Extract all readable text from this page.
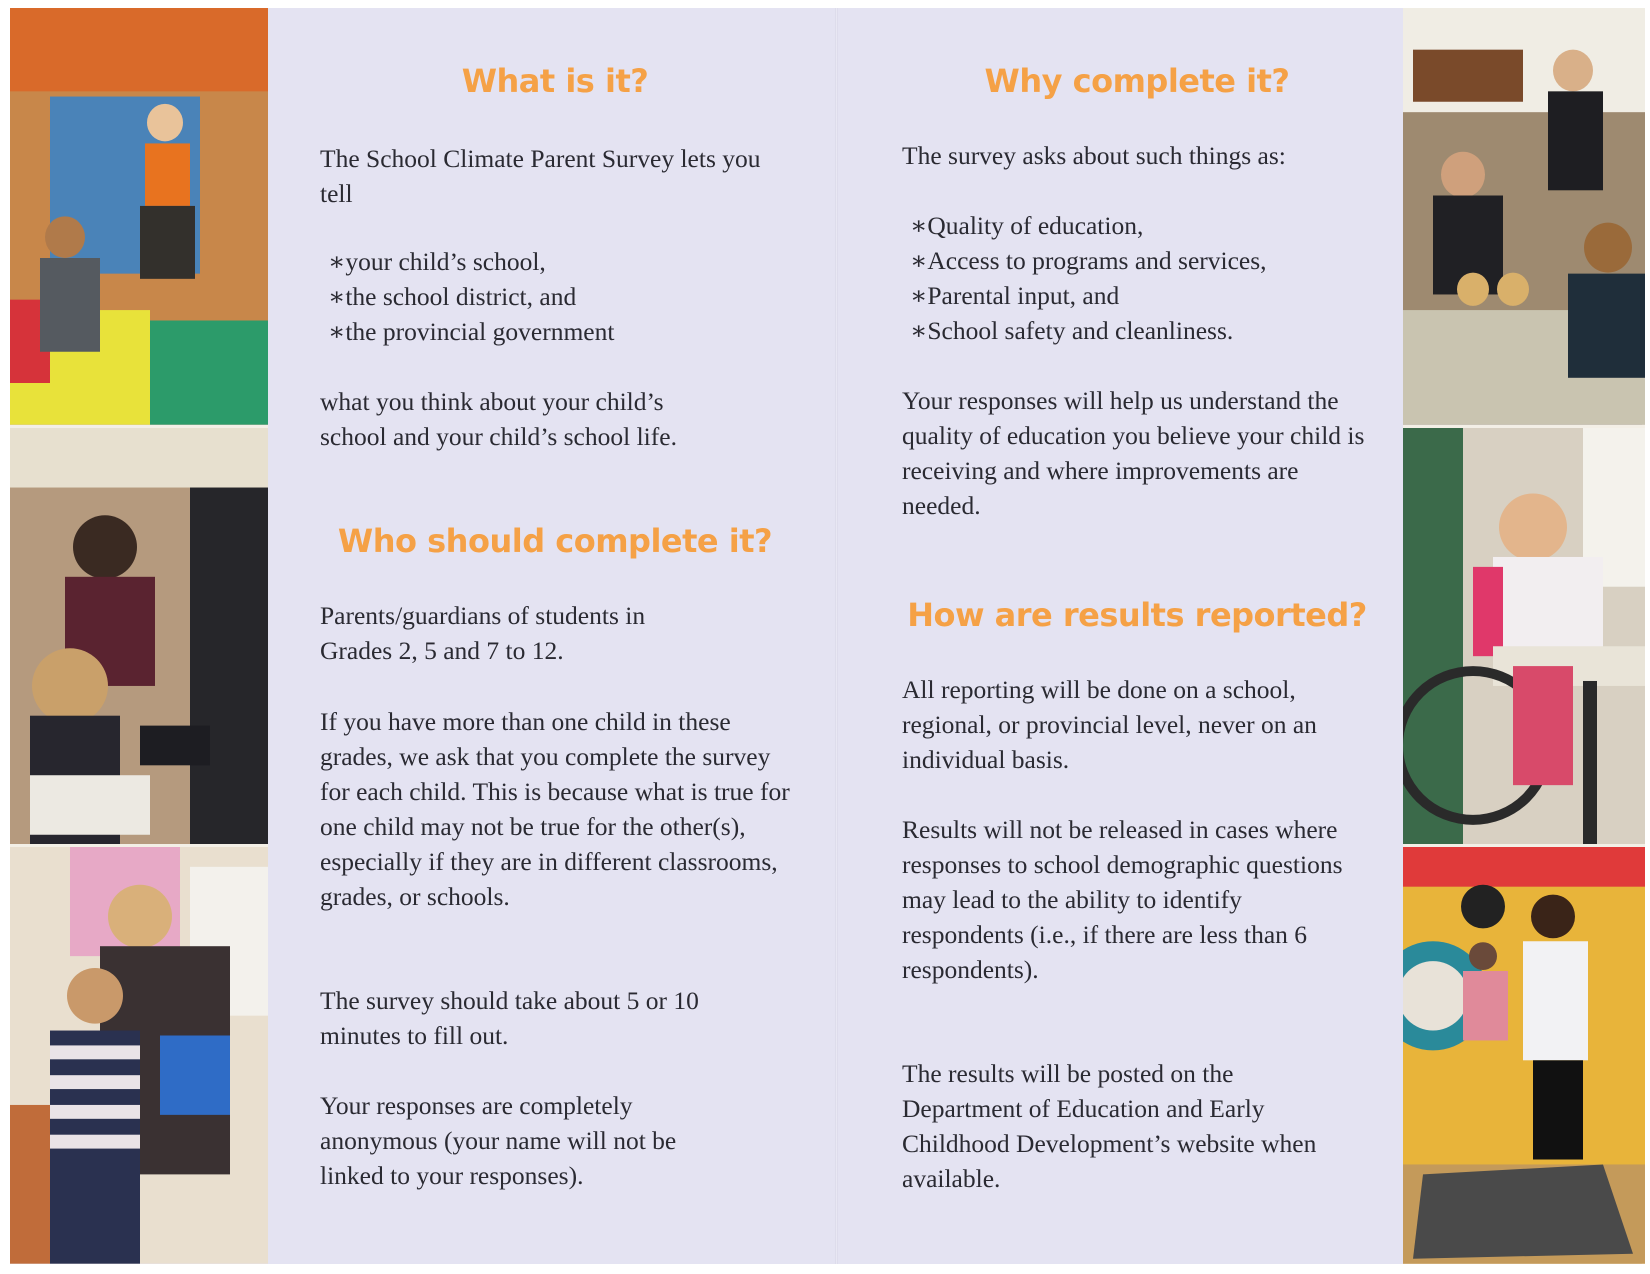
What is it?

The School Climate Parent Survey lets you tell

∗ your child’s school,
∗ the school district, and
∗ the provincial government

what you think about your child’s school and your child’s school life.

Who should complete it?

Parents/guardians of students in Grades 2, 5 and 7 to 12.

If you have more than one child in these grades, we ask that you complete the survey for each child. This is because what is true for one child may not be true for the other(s), especially if they are in different classrooms, grades, or schools.

The survey should take about 5 or 10 minutes to fill out.

Your responses are completely anonymous (your name will not be linked to your responses).

Why complete it?

The survey asks about such things as:

∗ Quality of education,
∗ Access to programs and services,
∗ Parental input, and
∗ School safety and cleanliness.

Your responses will help us understand the quality of education you believe your child is receiving and where improvements are needed.

How are results reported?

All reporting will be done on a school, regional, or provincial level, never on an individual basis.

Results will not be released in cases where responses to school demographic questions may lead to the ability to identify respondents (i.e., if there are less than 6 respondents).

The results will be posted on the Department of Education and Early Childhood Development’s website when available.
